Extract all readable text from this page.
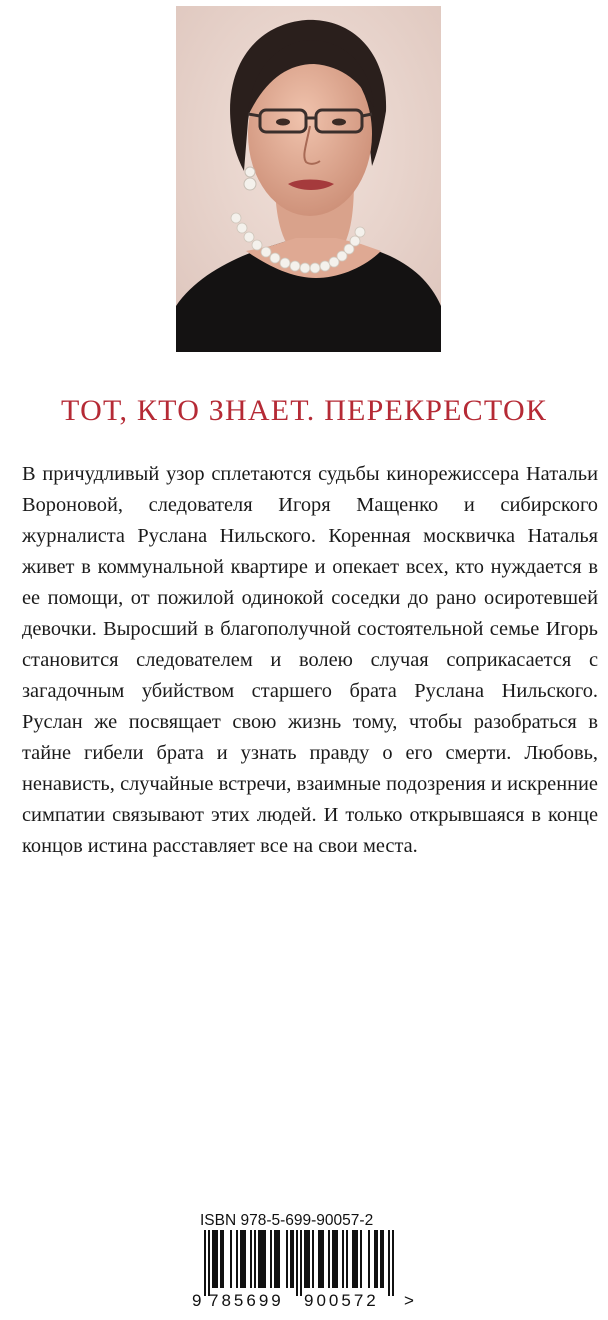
ТОТ, КТО ЗНАЕТ. ПЕРЕКРЕСТОК

В причудливый узор сплетаются судьбы кинорежиссера Натальи Вороновой, следователя Игоря Мащенко и сибирского журналиста Руслана Нильского. Коренная москвичка Наталья живет в коммунальной квартире и опекает всех, кто нуждается в ее помощи, от пожилой одинокой соседки до рано осиротевшей девочки. Выросший в благополучной состоятельной семье Игорь становится следователем и волею случая соприкасается с загадочным убийством старшего брата Руслана Нильского. Руслан же посвящает свою жизнь тому, чтобы разобраться в тайне гибели брата и узнать правду о его смерти. Любовь, ненависть, случайные встречи, взаимные подозрения и искренние симпатии связывают этих людей. И только открывшаяся в конце концов истина расставляет все на свои места.

ISBN 978-5-699-90057-2
9 785699 900572 >
